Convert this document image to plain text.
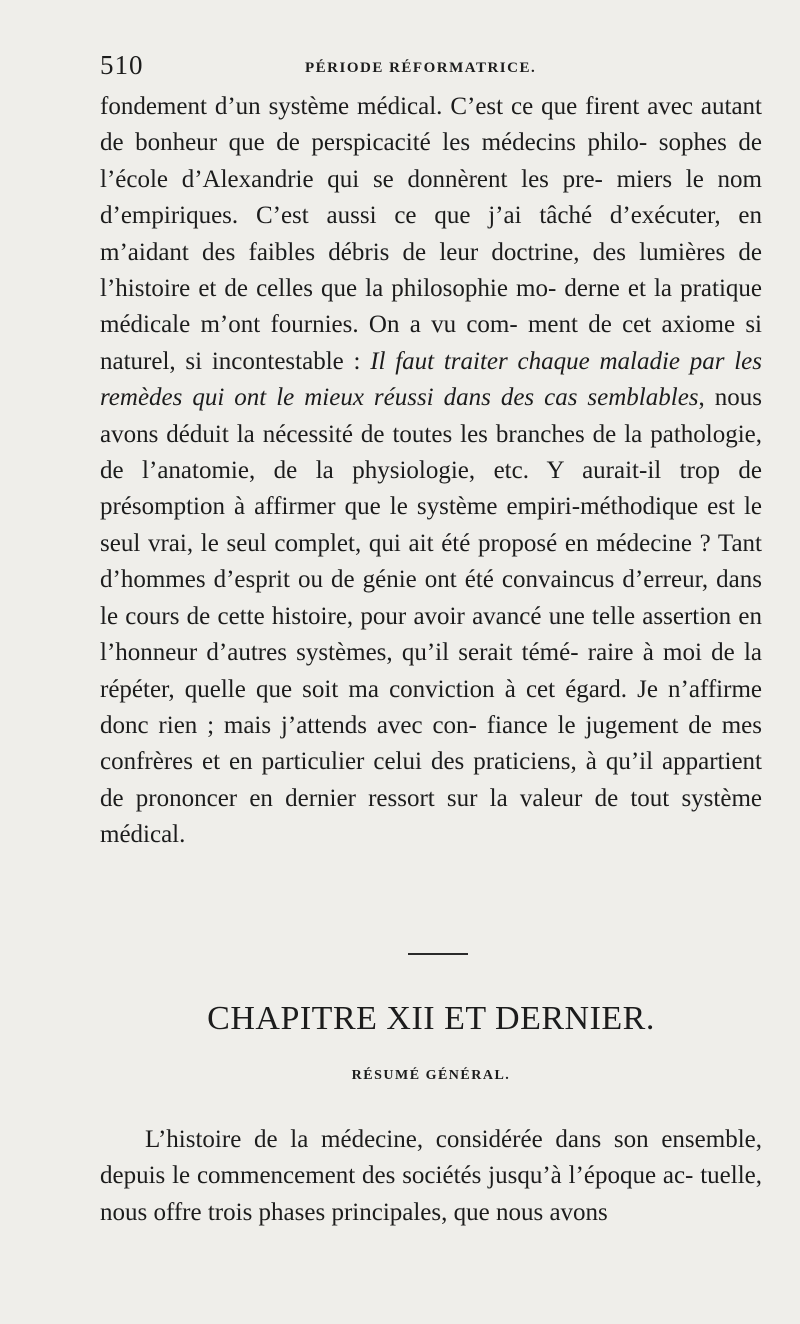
510	PÉRIODE RÉFORMATRICE.

fondement d’un système médical. C’est ce que firent avec autant de bonheur que de perspicacité les médecins philo- sophes de l’école d’Alexandrie qui se donnèrent les pre- miers le nom d’empiriques. C’est aussi ce que j’ai tâché d’exécuter, en m’aidant des faibles débris de leur doctrine, des lumières de l’histoire et de celles que la philosophie mo- derne et la pratique médicale m’ont fournies. On a vu com- ment de cet axiome si naturel, si incontestable : Il faut traiter chaque maladie par les remèdes qui ont le mieux réussi dans des cas semblables, nous avons déduit la nécessité de toutes les branches de la pathologie, de l’anatomie, de la physiologie, etc. Y aurait-il trop de présomption à affirmer que le système empiri-méthodique est le seul vrai, le seul complet, qui ait été proposé en médecine ? Tant d’hommes d’esprit ou de génie ont été convaincus d’erreur, dans le cours de cette histoire, pour avoir avancé une telle assertion en l’honneur d’autres systèmes, qu’il serait témé- raire à moi de la répéter, quelle que soit ma conviction à cet égard. Je n’affirme donc rien ; mais j’attends avec con- fiance le jugement de mes confrères et en particulier celui des praticiens, à qu’il appartient de prononcer en dernier ressort sur la valeur de tout système médical.

CHAPITRE XII ET DERNIER.
RÉSUMÉ GÉNÉRAL.

L’histoire de la médecine, considérée dans son ensemble, depuis le commencement des sociétés jusqu’à l’époque ac- tuelle, nous offre trois phases principales, que nous avons
